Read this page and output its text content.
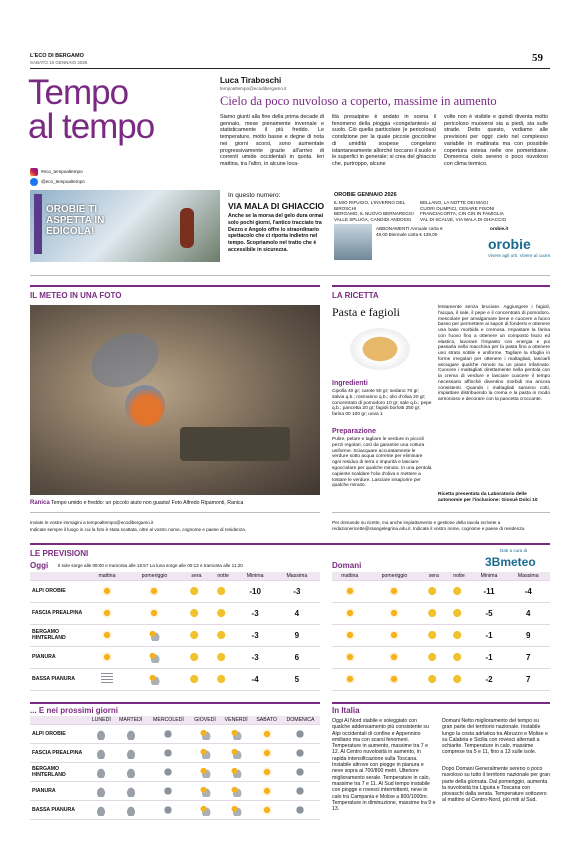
L'ECO DI BERGAMO
SABATO 10 GENNAIO 2026	59
Tempo
al tempo
#eco_tempoaltempo
@eco_tempoaltempo
Luca Tiraboschi
tempoaltempo@ecodibergamo.it
Cielo da poco nuvoloso a coperto, massime in aumento

Siamo giunti alla fine della prima decade di gennaio, mese pienamente invernale e statisticamente il più freddo. Le temperature, molto basse e degne di nota nei giorni scorsi, sono aumentate progressivamente grazie all'arrivo di correnti umide occidentali in quota. Ieri mattina, tra l'altro, in alcune loca-

lità presalpine è andato in scena il fenomeno della pioggia «congelantesi» al suolo. Ciò quella particolare (e pericolosa) condizione per la quale piccole goccioline di umidità sospese congelano istantaneamente allorché toccano il suolo e le superfici in generale; si crea del ghiaccio che, purtroppo, alcune

volte non è visibile e quindi diventa molto pericoloso muoversi sia a piedi, sia sulle strade. Detto questo, vediamo alle previsioni per oggi: cielo nel complesso variabile in mattinata ma con possibile copertura estesa nelle ore pomeridiane. Domenica cielo sereno o poco nuvoloso con clima termico.

OROBIE TI ASPETTA IN EDICOLA!
In questo numero:
VIA MALA DI GHIACCIO
Anche se la morsa del gelo dura ormai solo pochi giorni, l'antico tracciato tra Dezzo e Angolo offre lo straordinario spettacolo che ci riporta indietro nel tempo. Scopriamolo nel tratto che è accessibile in sicurezza.
OROBIE GENNAIO 2026
IL MIO RIFUGIO, L'INVERNO DEL BIROSCHI
BERGAMO, IL NUOVO BERNAREGGI
VALLE SPLUGA, CANDIDI ANDOSSI
BELLANO, LA NOTTE DEI MAGI
CUORI OLIMPICI, CESARE FISONI
FRANCIACORTA, CIN CIN IN FAMIGLIA
VAL DI SCALVE, VIA MALA DI GHIACCIO
ABBONAMENTI Annuale carta € 49,00 Biennale carta € 139,00
orobie
orobie.it
Vivere agli orti. Vivere al cuore.
IL METEO IN UNA FOTO
Ranica Tempo umido e freddo: un piccolo aiuto non guasta! Foto Alfredo Ripamonti, Ranica
Inviate le vostre immagini a tempoaltempo@ecodibergamo.it
Indicate sempre il luogo in cui la foto è stata scattata, oltre al vostro nome, cognome e paese di residenza.
LA RICETTA
Pasta e fagioli
Ingredienti
Cipolla 40 gr; carote 50 gr; sedano 70 gr; salvia q.b.; rosmarino q.b.; olio d'oliva 20 gr; concentrato di pomodoro 10 gr; sale q.b.; pepe q.b.; pancetta 20 gr; fagioli borlotti 250 gr; farina 00 100 gr; uova 1
Preparazione
Pulire, pelare e tagliare le verdure in piccoli pezzi regolari, così da garantire una cottura uniforme. Sciacquare accuratamente le verdure sotto acqua corrente per eliminare ogni residuo di terra o impurità e lasciare sgocciolare per qualche minuto. In una pentola capiente scaldare l'olio d'oliva e mettere a tostare le verdure. Lasciare insaporire per qualche minuto.
lentamente senza bruciare. Aggiungere i fagioli, l'acqua, il sale, il pepe e il concentrato di pomodoro, mescolare per amalgamare bene e cuocere a fuoco basso per permettere ai sapori di fondersi e ottenere una base morbida e cremosa. Impastare la farina con l'uovo fino a ottenere un composto liscio ed elastico, lavorare l'impasto con energia e poi passarla nella macchina per la pasta fino a ottenere uno strato sottile e uniforme. Tagliare la sfoglia in forme irregolari per ottenere i maltagliati, lasciarli asciugare qualche minuto su un piano infarinato. Cuocere i maltagliati direttamente nella pentola con la crema di verdure e lasciare cuocere il tempo necessario affinché diventino morbidi ma ancora consistenti. Quando i maltagliati saranno cotti, impiattare distribuendo la crema e la pasta in modo armonioso e decorare con la pancetta croccante.
Ricetta presentata da Laboratorio delle autonomie per l'inclusione: Giosuè Dolci 10
Per domande su ricette, ma anche impiattamento e gestione della tavola scrivete a redazionericette@ssangelegrina.edu.it. Indicate il vostro nome, cognome e paese di residenza.
LE PREVISIONI	Dati a cura di
3Bmeteo
Oggi Il sole sorge alle 08:00 e tramonta alle 16:57 La luna sorge alle 00:13 e tramonta alle 11:20	Domani
	mattina	pomeriggio	sera	notte	Minima	Massima
ALPI OROBIE					-10	-3
FASCIA PREALPINA					-3	4
BERGAMO HINTERLAND					-3	9
PIANURA					-3	6
BASSA PIANURA					-4	5
mattina	pomeriggio	sera	notte	Minima	Massima
				-11	-4
				-5	4
				-1	9
				-1	7
				-2	7
... E nei prossimi giorni
	LUNEDÌ	MARTEDÌ	MERCOLEDÌ	GIOVEDÌ	VENERDÌ	SABATO	DOMENICA
ALPI OROBIE							
FASCIA PREALPINA							
BERGAMO HINTERLAND							
PIANURA							
BASSA PIANURA							
In Italia
Oggi Al Nord stabile e soleggiato con qualche addensamento più consistente su Alpi occidentali di confine e Appennino emiliano ma con scarsi fenomeni. Temperature in aumento, massime tra 7 e 12. Al Centro nuvolosità in aumento, in rapida intensificazione sulla Toscana. Instabile altrove con piogge in pianura e neve sopra ai 700/800 metri. Ulteriore miglioramento serale. Temperature in calo, massime tra 7 e 11. Al Sud tempo instabile con piogge e rovesci intermittenti, neve in calo tra Campania e Molise a 800/1000m. Temperature in diminuzione, massime tra 9 e 13.
Domani Netto miglioramento del tempo su gran parte del territorio nazionale. Instabile lungo la costa adriatica tra Abruzzo e Molise e su Calabria e Sicilia con rovesci alternati a schiarite. Temperature in calo, massime comprese tra 5 e 11, fino a 13 sulle isole.
Dopo Domani Generalmente sereno o poco nuvoloso su tutto il territorio nazionale per gran parte della giornata. Dal pomeriggio, aumenta la nuvolosità tra Liguria e Toscana con piovaschi dalla serata. Temperature sottozero al mattino al Centro-Nord, più miti al Sud.
